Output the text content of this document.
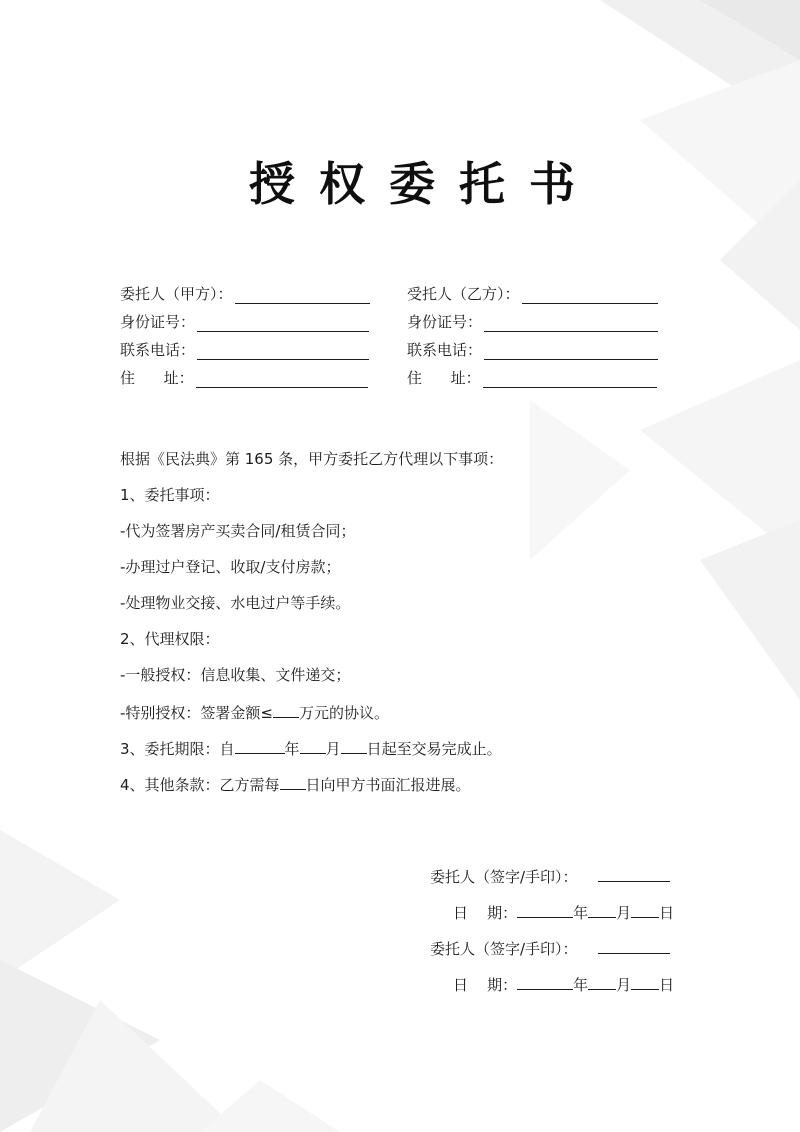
授权委托书
委托人（甲方）：	受托人（乙方）：
身份证号：	身份证号：
联系电话：	联系电话：
住      址：	住      址：
根据《民法典》第 165 条，甲方委托乙方代理以下事项：
1、委托事项：
-代为签署房产买卖合同/租赁合同；
-办理过户登记、收取/支付房款；
-处理物业交接、水电过户等手续。
2、代理权限：
-一般授权：信息收集、文件递交；
-特别授权：签署金额≤ 万元的协议。
3、委托期限：自	年 月 日起至交易完成止。
4、其他条款：乙方需每 日向甲方书面汇报进展。
委托人（签字/手印）：
日    期：	年 月 日
委托人（签字/手印）：
日    期：	年 月 日
